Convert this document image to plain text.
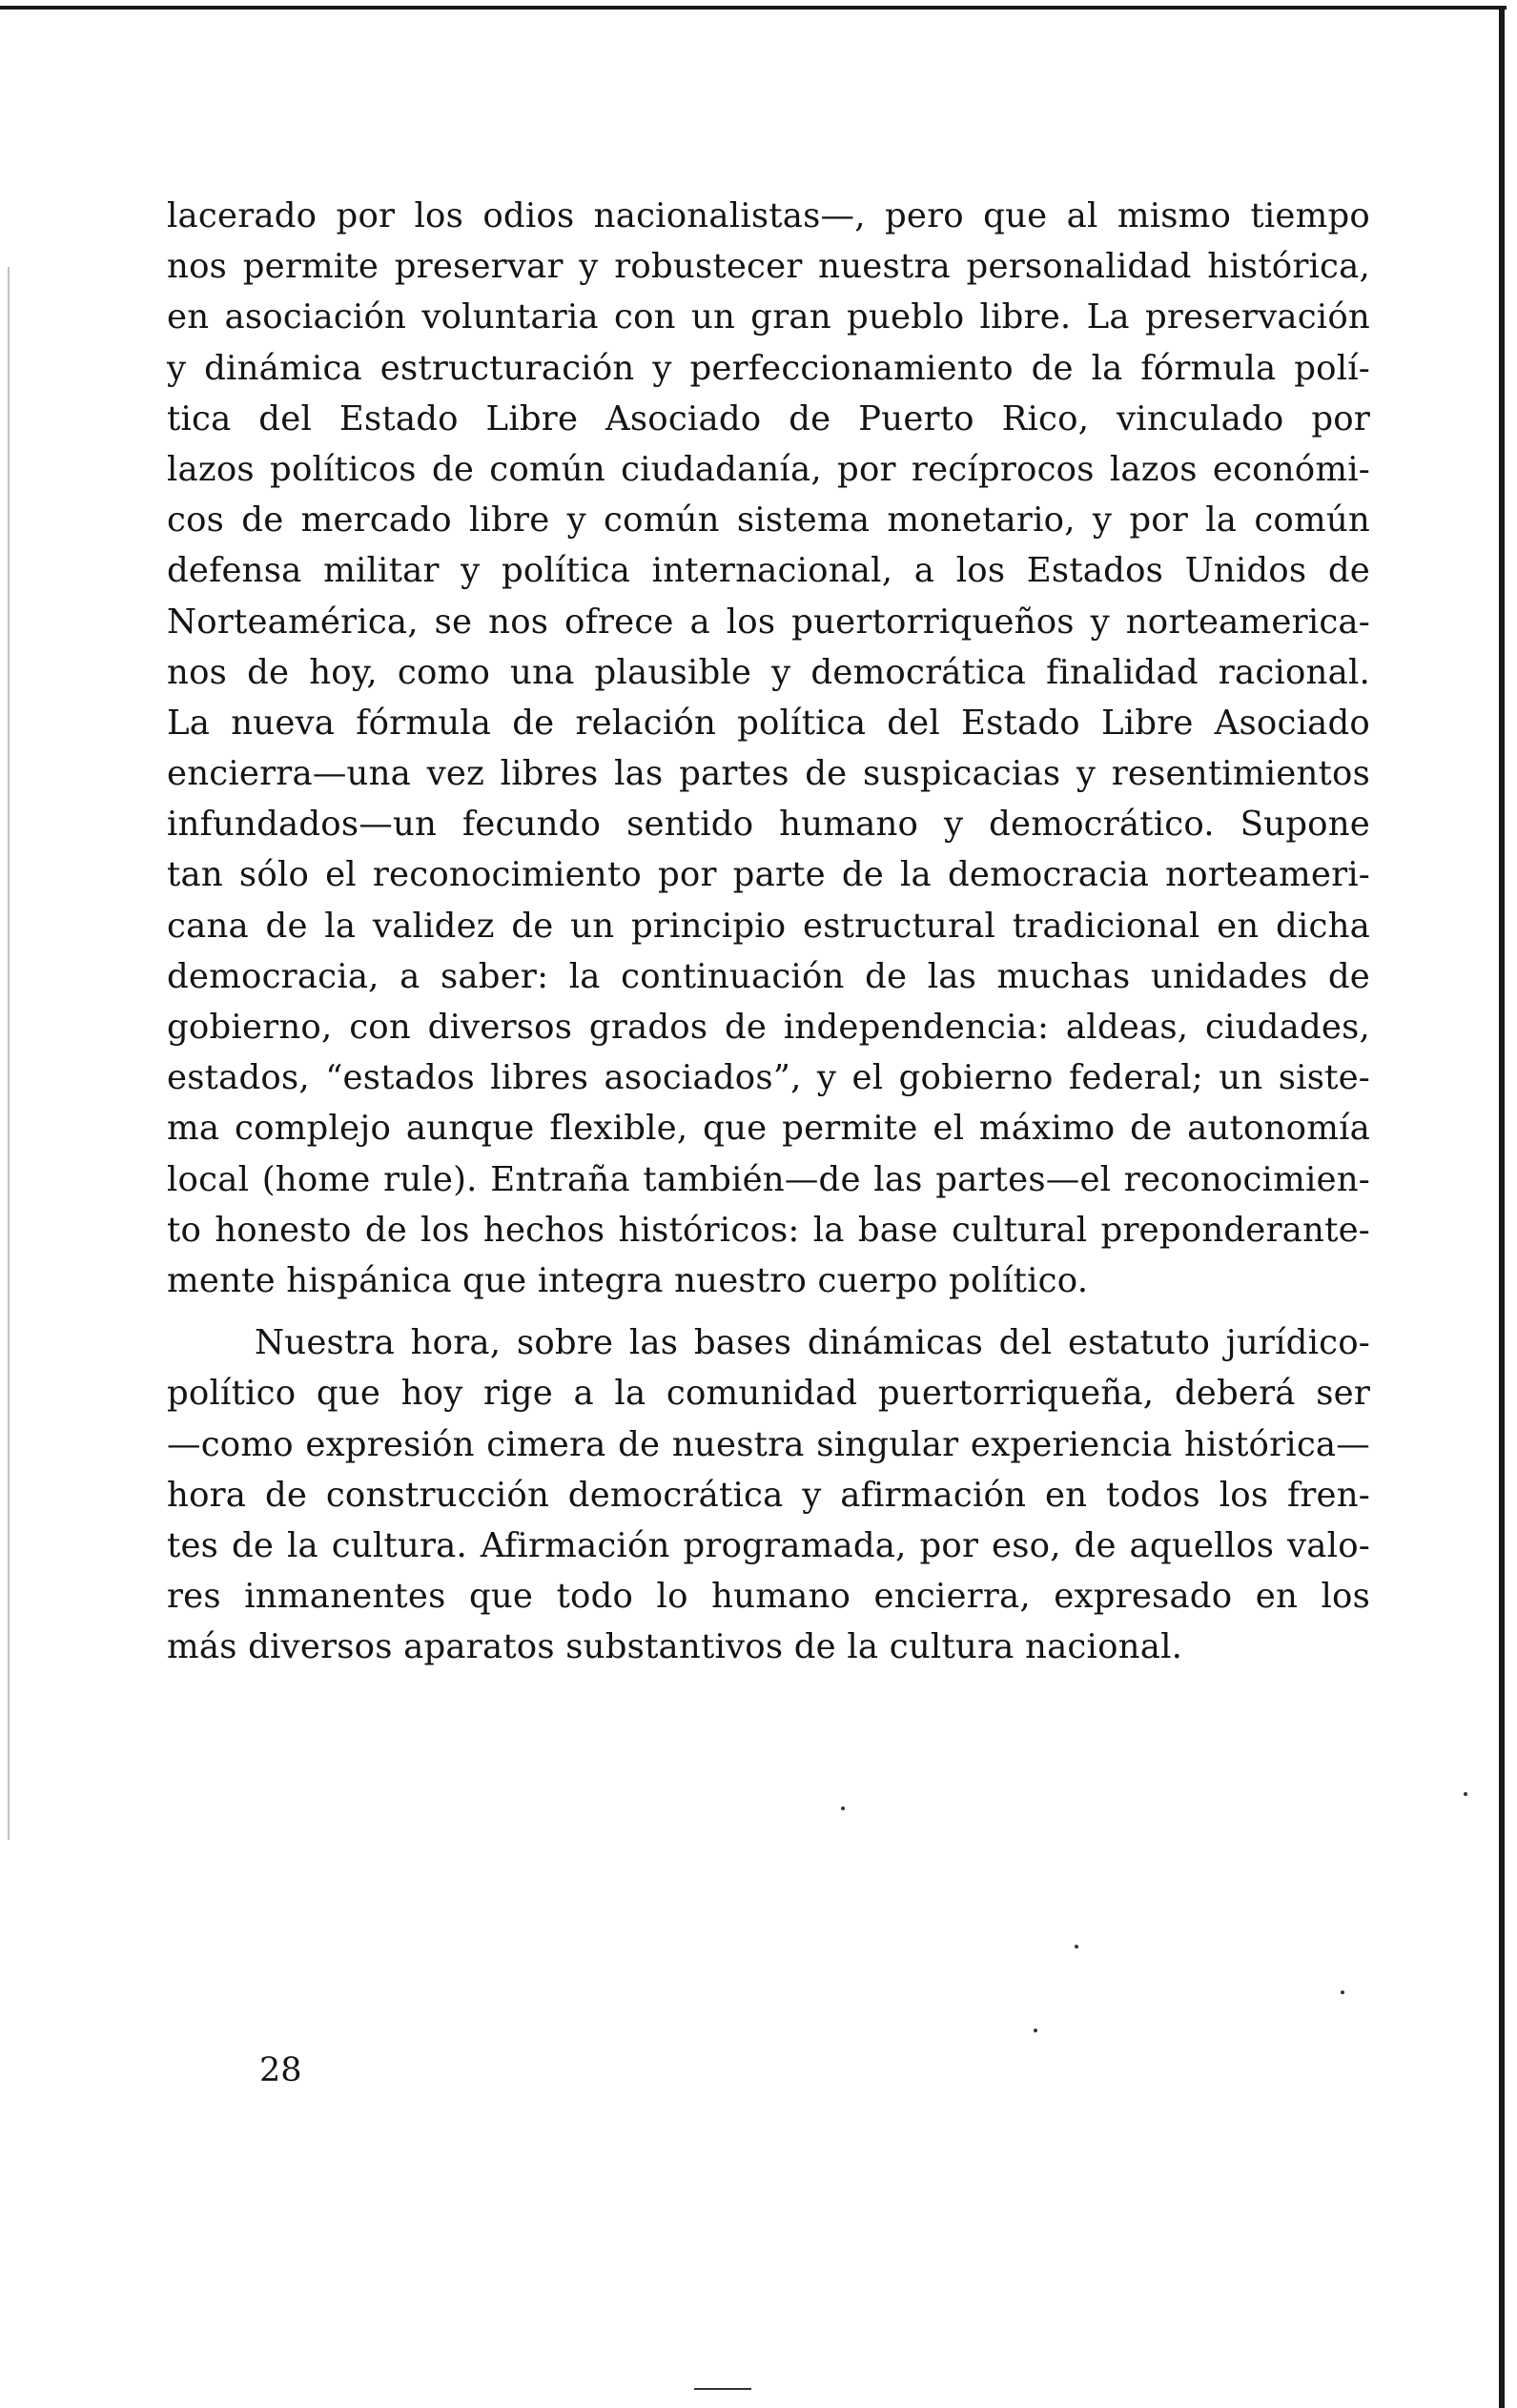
lacerado por los odios nacionalistas—, pero que al mismo tiempo
nos permite preservar y robustecer nuestra personalidad histórica,
en asociación voluntaria con un gran pueblo libre. La preservación
y dinámica estructuración y perfeccionamiento de la fórmula polí-
tica del Estado Libre Asociado de Puerto Rico, vinculado por
lazos políticos de común ciudadanía, por recíprocos lazos económi-
cos de mercado libre y común sistema monetario, y por la común
defensa militar y política internacional, a los Estados Unidos de
Norteamérica, se nos ofrece a los puertorriqueños y norteamerica-
nos de hoy, como una plausible y democrática finalidad racional.
La nueva fórmula de relación política del Estado Libre Asociado
encierra—una vez libres las partes de suspicacias y resentimientos
infundados—un fecundo sentido humano y democrático. Supone
tan sólo el reconocimiento por parte de la democracia norteameri-
cana de la validez de un principio estructural tradicional en dicha
democracia, a saber: la continuación de las muchas unidades de
gobierno, con diversos grados de independencia: aldeas, ciudades,
estados, “estados libres asociados”, y el gobierno federal; un siste-
ma complejo aunque flexible, que permite el máximo de autonomía
local (home rule). Entraña también—de las partes—el reconocimien-
to honesto de los hechos históricos: la base cultural preponderante-
mente hispánica que integra nuestro cuerpo político.
Nuestra hora, sobre las bases dinámicas del estatuto jurídico-
político que hoy rige a la comunidad puertorriqueña, deberá ser
—como expresión cimera de nuestra singular experiencia histórica—
hora de construcción democrática y afirmación en todos los fren-
tes de la cultura. Afirmación programada, por eso, de aquellos valo-
res inmanentes que todo lo humano encierra, expresado en los
más diversos aparatos substantivos de la cultura nacional.
28
